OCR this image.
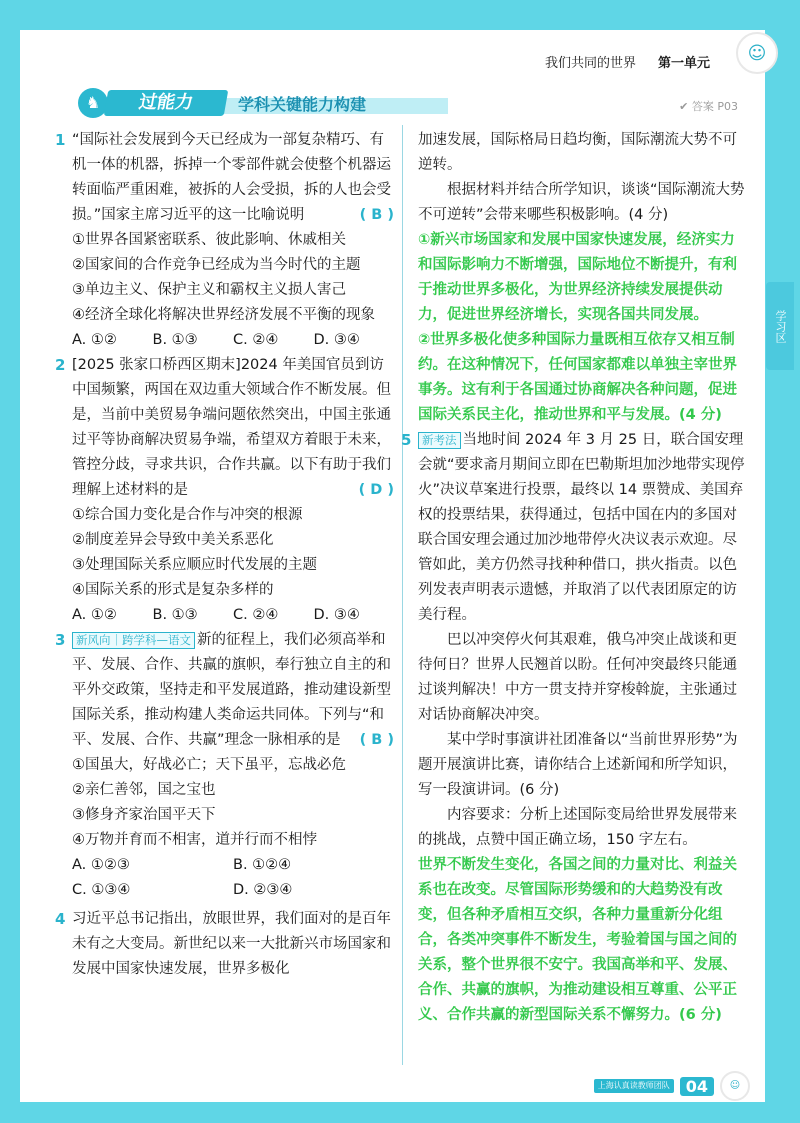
☺
我们共同的世界 第一单元
♞	过能力	学科关键能力构建	✔ 答案 P03
学习区
1 “国际社会发展到今天已经成为一部复杂精巧、有机一体的机器，拆掉一个零部件就会使整个机器运转面临严重困难，被拆的人会受损，拆的人也会受损。”国家主席习近平的这一比喻说明	( B )
①世界各国紧密联系、彼此影响、休戚相关
②国家间的合作竞争已经成为当今时代的主题
③单边主义、保护主义和霸权主义损人害己
④经济全球化将解决世界经济发展不平衡的现象
A. ①②	B. ①③	C. ②④	D. ③④
2 [2025 张家口桥西区期末]2024 年美国官员到访中国频繁，两国在双边重大领域合作不断发展。但是，当前中美贸易争端问题依然突出，中国主张通过平等协商解决贸易争端，希望双方着眼于未来，管控分歧，寻求共识，合作共赢。以下有助于我们理解上述材料的是	( D )
①综合国力变化是合作与冲突的根源
②制度差异会导致中美关系恶化
③处理国际关系应顺应时代发展的主题
④国际关系的形式是复杂多样的
A. ①②	B. ①③	C. ②④	D. ③④
3 新风向｜跨学科—语文 新的征程上，我们必须高举和平、发展、合作、共赢的旗帜，奉行独立自主的和平外交政策，坚持走和平发展道路，推动建设新型国际关系，推动构建人类命运共同体。下列与“和平、发展、合作、共赢”理念一脉相承的是 ( B )
①国虽大，好战必亡；天下虽平，忘战必危
②亲仁善邻，国之宝也
③修身齐家治国平天下
④万物并育而不相害，道并行而不相悖
A. ①②③	B. ①②④
C. ①③④	D. ②③④
4 习近平总书记指出，放眼世界，我们面对的是百年未有之大变局。新世纪以来一大批新兴市场国家和发展中国家快速发展，世界多极化
加速发展，国际格局日趋均衡，国际潮流大势不可逆转。
根据材料并结合所学知识，谈谈“国际潮流大势不可逆转”会带来哪些积极影响。(4 分)
①新兴市场国家和发展中国家快速发展，经济实力和国际影响力不断增强，国际地位不断提升，有利于推动世界多极化，为世界经济持续发展提供动力，促进世界经济增长，实现各国共同发展。
②世界多极化使多种国际力量既相互依存又相互制约。在这种情况下，任何国家都难以单独主宰世界事务。这有利于各国通过协商解决各种问题，促进国际关系民主化，推动世界和平与发展。(4 分)
5 新考法 当地时间 2024 年 3 月 25 日，联合国安理会就“要求斋月期间立即在巴勒斯坦加沙地带实现停火”决议草案进行投票，最终以 14 票赞成、美国弃权的投票结果，获得通过，包括中国在内的多国对联合国安理会通过加沙地带停火决议表示欢迎。尽管如此，美方仍然寻找种种借口，拱火指责。以色列发表声明表示遗憾，并取消了以代表团原定的访美行程。
巴以冲突停火何其艰难，俄乌冲突止战谈和更待何日？世界人民翘首以盼。任何冲突最终只能通过谈判解决！中方一贯支持并穿梭斡旋，主张通过对话协商解决冲突。
某中学时事演讲社团准备以“当前世界形势”为题开展演讲比赛，请你结合上述新闻和所学知识，写一段演讲词。(6 分)
内容要求：分析上述国际变局给世界发展带来的挑战，点赞中国正确立场，150 字左右。
世界不断发生变化，各国之间的力量对比、利益关系也在改变。尽管国际形势缓和的大趋势没有改变，但各种矛盾相互交织，各种力量重新分化组合，各类冲突事件不断发生，考验着国与国之间的关系，整个世界很不安宁。我国高举和平、发展、合作、共赢的旗帜，为推动建设相互尊重、公平正义、合作共赢的新型国际关系不懈努力。(6 分)
上海认真读教师团队	04	☺
